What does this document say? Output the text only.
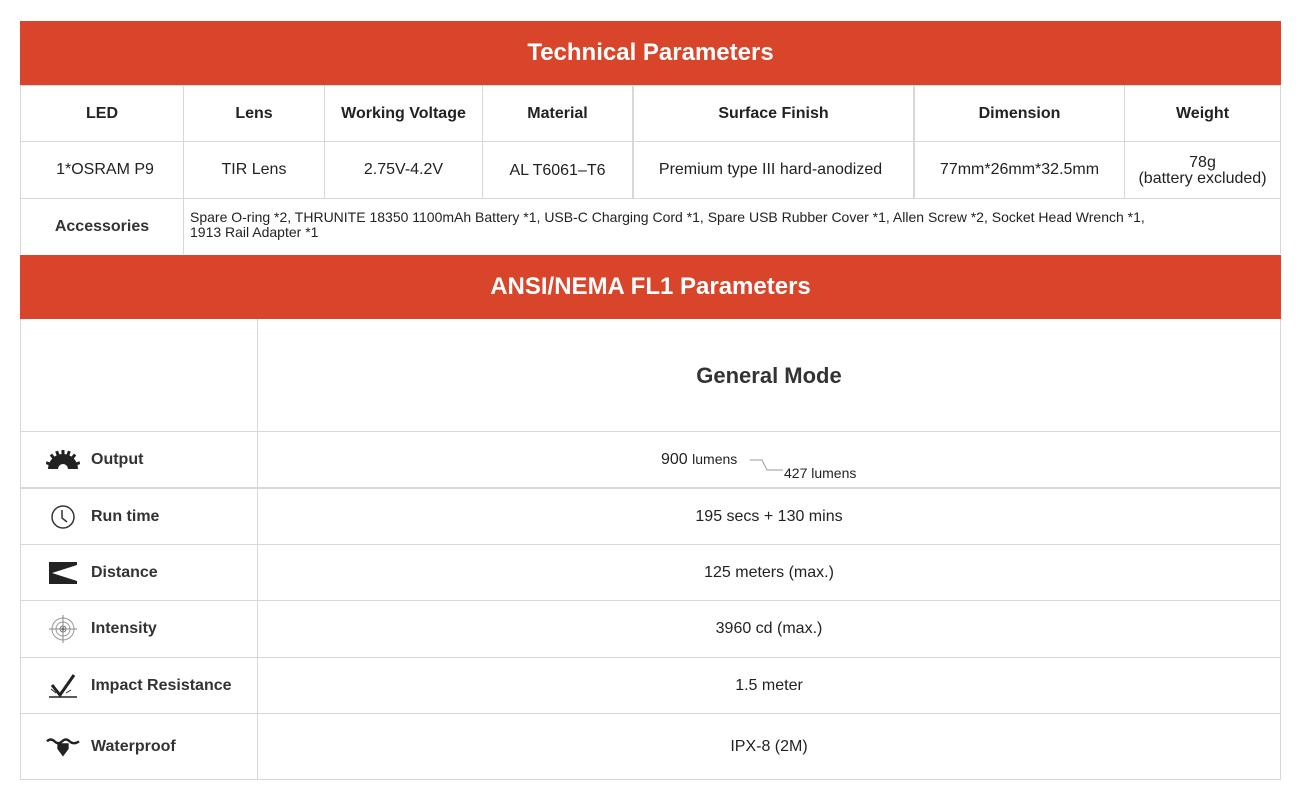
Technical Parameters
LED	Lens	Working Voltage	Material	Surface Finish	Dimension	Weight
1*OSRAM P9	TIR Lens	2.75V-4.2V	AL T6061–T6	Premium type III hard-anodized	77mm*26mm*32.5mm	78g
(battery excluded)
Accessories
Spare O-ring *2, THRUNITE 18350 1100mAh Battery *1, USB-C Charging Cord *1, Spare USB Rubber Cover *1, Allen Screw *2, Socket Head Wrench *1,
1913 Rail Adapter *1
ANSI/NEMA FL1 Parameters
General Mode
Output	900 lumens
427 lumens
Run time	195 secs + 130 mins
Distance	125 meters (max.)
Intensity	3960 cd (max.)
Impact Resistance	1.5 meter
Waterproof	IPX-8 (2M)
